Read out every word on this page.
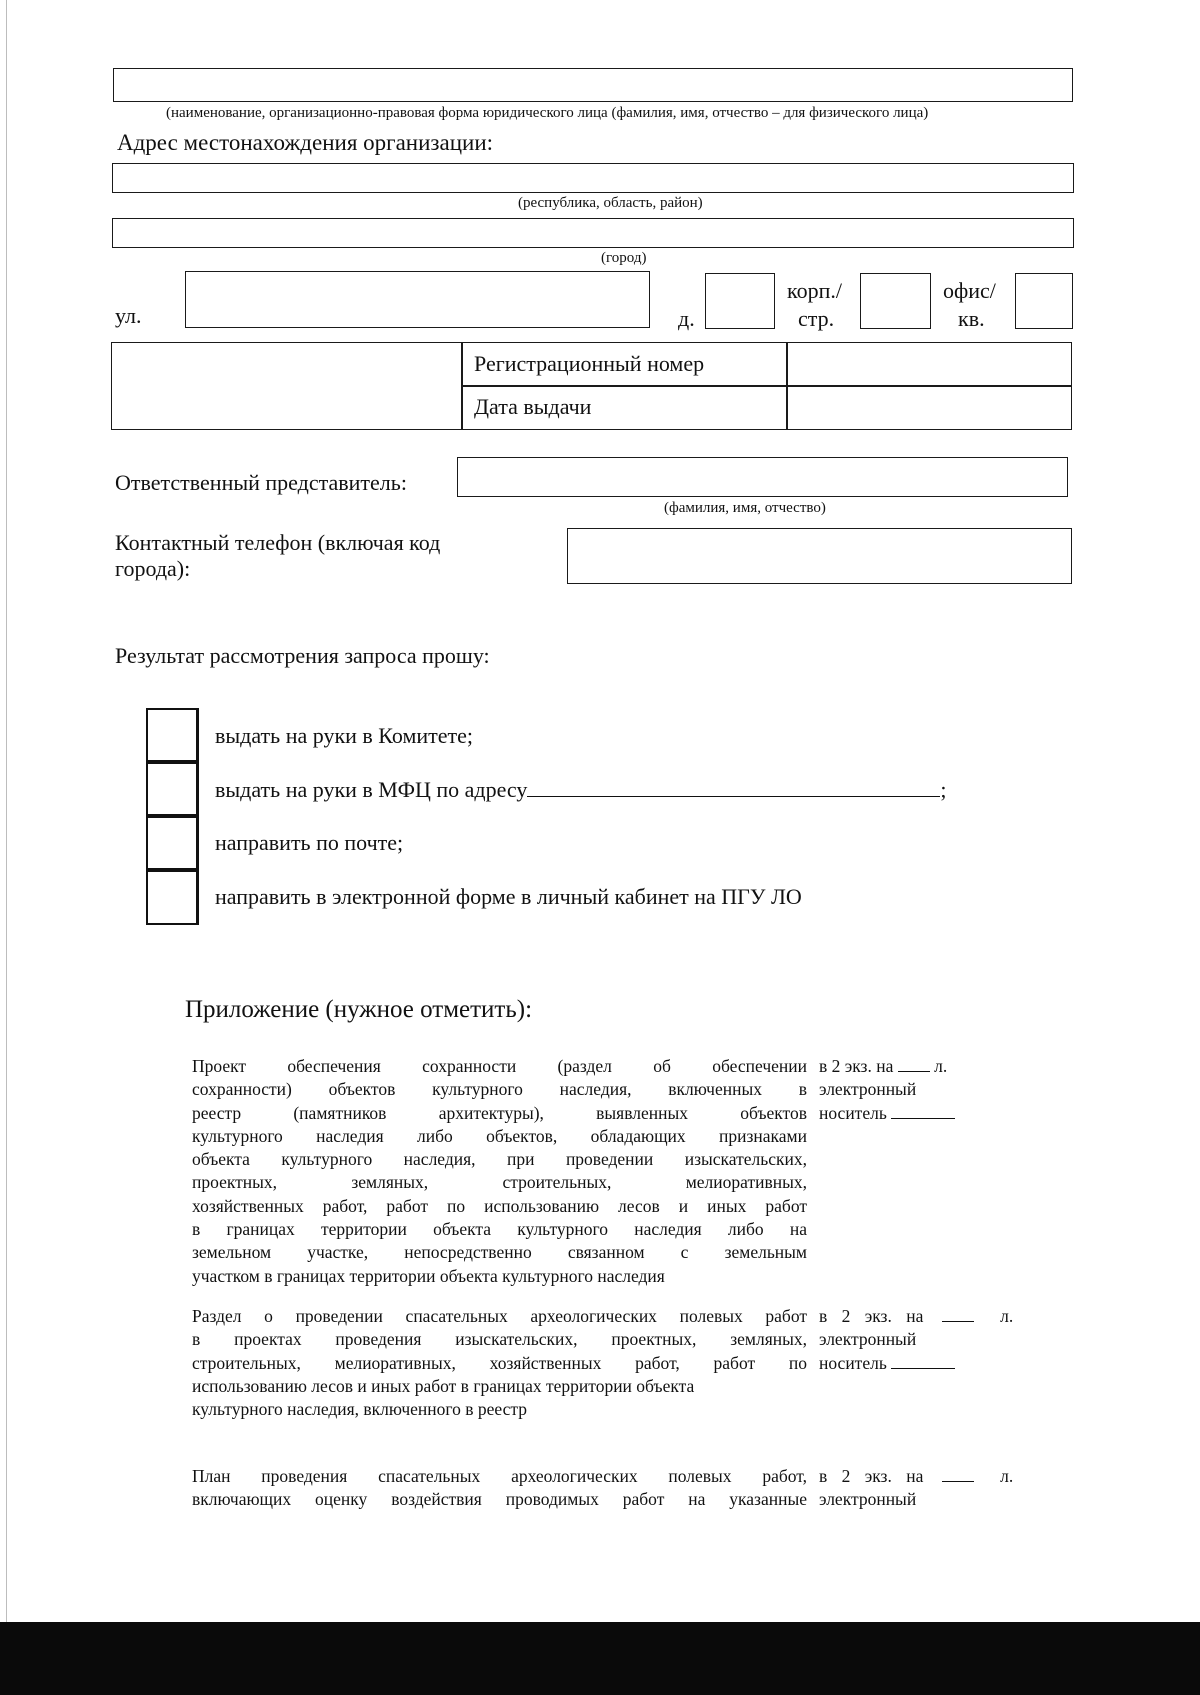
(наименование, организационно-правовая форма юридического лица (фамилия, имя, отчество – для физического лица)
Адрес местонахождения организации:
(республика, область, район)
(город)
ул.	д.
корп./
стр.
офис/
кв.
Регистрационный номер
Дата выдачи
Ответственный представитель:
(фамилия, имя, отчество)
Контактный телефон (включая код
города):
Результат рассмотрения запроса прошу:
выдать на руки в Комитете;
выдать на руки в МФЦ по адресу	;
направить по почте;
направить в электронной форме в личный кабинет на ПГУ ЛО
Приложение (нужное отметить):
Проект обеспечения сохранности (раздел об обеспечении
сохранности) объектов культурного наследия, включенных в
реестр (памятников архитектуры), выявленных объектов
культурного наследия либо объектов, обладающих признаками
объекта культурного наследия, при проведении изыскательских,
проектных, земляных, строительных, мелиоративных,
хозяйственных работ, работ по использованию лесов и иных работ
в границах территории объекта культурного наследия либо на
земельном участке, непосредственно связанном с земельным
участком в границах территории объекта культурного наследия
в 2 экз. на л.
электронный
носитель
Раздел о проведении спасательных археологических полевых работ
в проектах проведения изыскательских, проектных, земляных,
строительных, мелиоративных, хозяйственных работ, работ по
использованию лесов и иных работ в границах территории объекта
культурного наследия, включенного в реестр
в 2 экз. на	л.
электронный
носитель
План проведения спасательных археологических полевых работ,
включающих оценку воздействия проводимых работ на указанные
в 2 экз. на	л.
электронный
